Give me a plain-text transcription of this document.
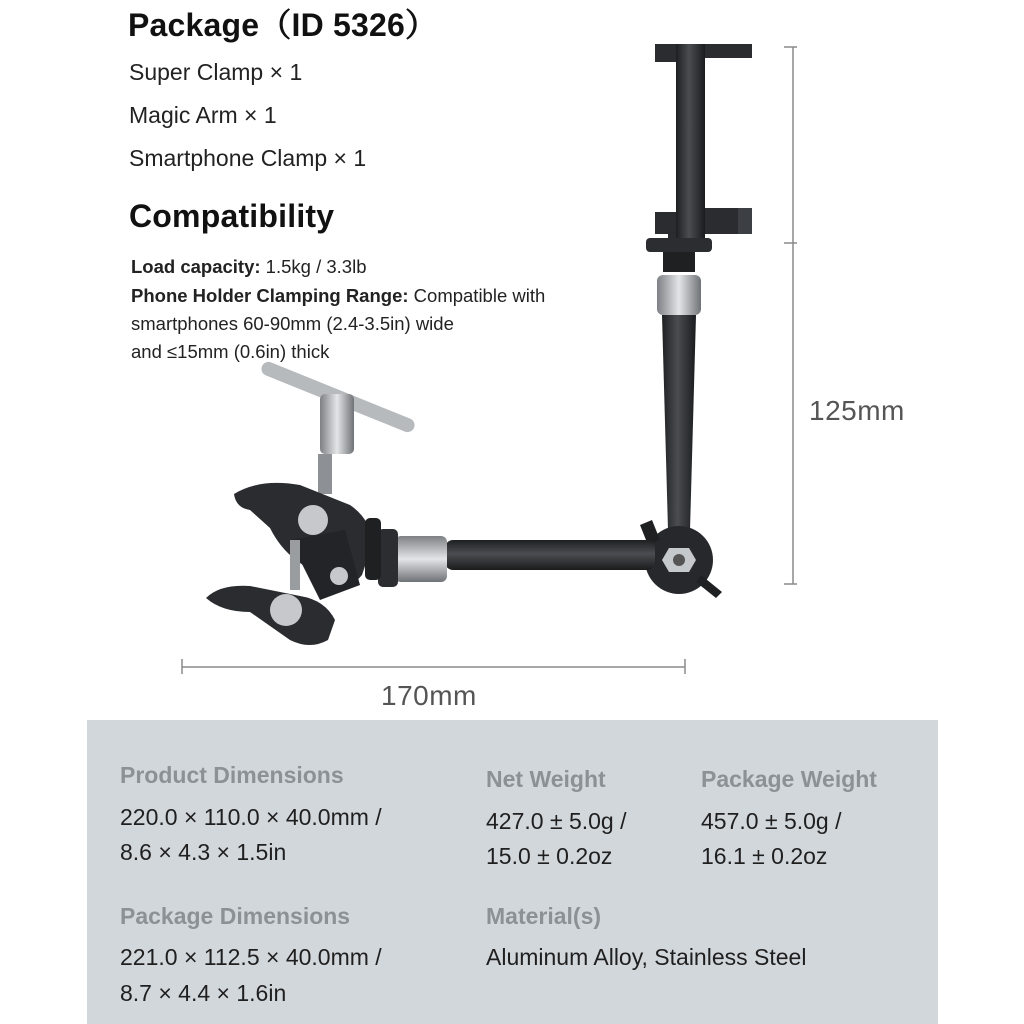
Package（ID 5326）
Super Clamp × 1
Magic Arm × 1
Smartphone Clamp × 1
Compatibility
Load capacity: 1.5kg / 3.3lb
Phone Holder Clamping Range: Compatible with
smartphones 60-90mm (2.4-3.5in) wide
and ≤15mm (0.6in) thick
125mm
170mm
Product Dimensions
220.0 × 110.0 × 40.0mm /
8.6 × 4.3 × 1.5in
Net Weight
427.0 ± 5.0g /
15.0 ± 0.2oz
Package Weight
457.0 ± 5.0g /
16.1 ± 0.2oz
Package Dimensions
221.0 × 112.5 × 40.0mm /
8.7 × 4.4 × 1.6in
Material(s)
Aluminum Alloy, Stainless Steel
